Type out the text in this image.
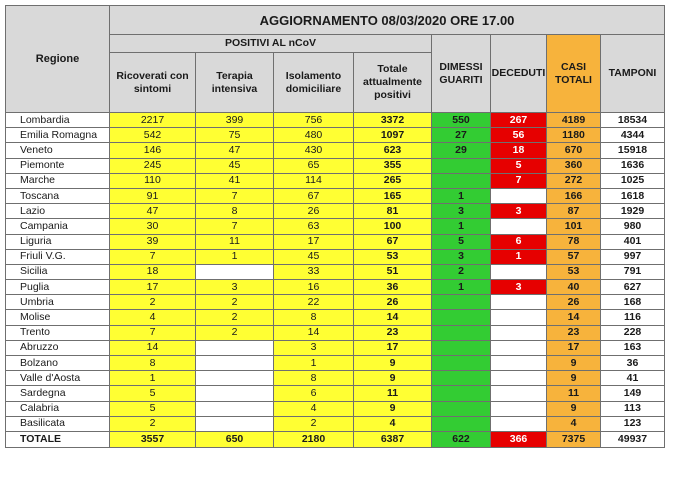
Regione	AGGIORNAMENTO 08/03/2020 ORE 17.00							
	POSITIVI AL nCoV				DIMESSI GUARITI	DECEDUTI	CASI TOTALI	TAMPONI
	Ricoverati con sintomi	Terapia intensiva	Isolamento domiciliare	Totale attualmente positivi				
Lombardia	2217	399	756	3372	550	267	4189	18534
Emilia Romagna	542	75	480	1097	27	56	1180	4344
Veneto	146	47	430	623	29	18	670	15918
Piemonte	245	45	65	355		5	360	1636
Marche	110	41	114	265		7	272	1025
Toscana	91	7	67	165	1		166	1618
Lazio	47	8	26	81	3	3	87	1929
Campania	30	7	63	100	1		101	980
Liguria	39	11	17	67	5	6	78	401
Friuli V.G.	7	1	45	53	3	1	57	997
Sicilia	18		33	51	2		53	791
Puglia	17	3	16	36	1	3	40	627
Umbria	2	2	22	26			26	168
Molise	4	2	8	14			14	116
Trento	7	2	14	23			23	228
Abruzzo	14		3	17			17	163
Bolzano	8		1	9			9	36
Valle d'Aosta	1		8	9			9	41
Sardegna	5		6	11			11	149
Calabria	5		4	9			9	113
Basilicata	2		2	4			4	123
TOTALE	3557	650	2180	6387	622	366	7375	49937
